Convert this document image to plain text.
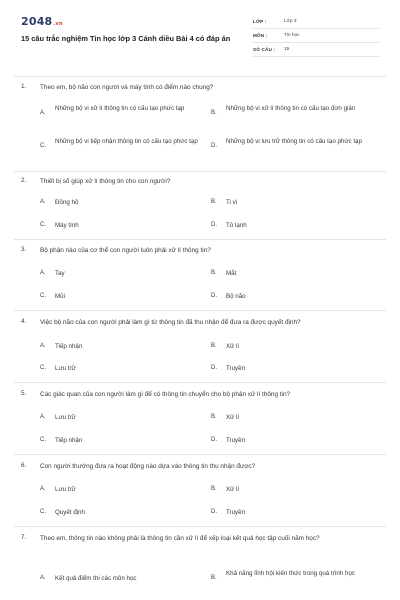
2048.vn
15 câu trắc nghiệm Tin học lớp 3 Cánh diều Bài 4 có đáp án
LỚP :	Lớp 3
MÔN :	Tin học
SỐ CÂU :	15
1. Theo em, bộ não con người và máy tính có điểm nào chung?
A.
Những bộ vi xử lí thông tin có cấu tạo phức tạp
B.
Những bộ vi xử lí thông tin có cấu tạo đơn giản
C.
Những bộ vi tiếp nhận thông tin có cấu tạo phức tạp
D.
Những bộ vi lưu trữ thông tin có cấu tạo phức tạp
2. Thiết bị số giúp xử lí thông tin cho con người?
A. Đồng hồ	B. Ti vi
C. Máy tính	D. Tủ lạnh
3. Bộ phận nào của cơ thể con người luôn phải xử lí thông tin?
A. Tay	B. Mắt
C. Mũi	D. Bộ não
4. Việc bộ não của con người phải làm gì từ thông tin đã thu nhận để đưa ra được quyết định?
A. Tiếp nhận	B. Xử lí
C. Lưu trữ	D. Truyền
5. Các giác quan của con người làm gì để có thông tin chuyển cho bộ phận xử lí thông tin?
A. Lưu trữ	B. Xử lí
C. Tiếp nhận	D. Truyền
6. Con người thường đưa ra hoạt động nào dựa vào thông tin thu nhận được?
A. Lưu trữ	B. Xử lí
C. Quyết định	D. Truyền
7. Theo em, thông tin nào không phải là thông tin cần xử lí để xếp loại kết quả học tập cuối năm học?
A. Kết quả điểm thi các môn học	B.
Khả năng lĩnh hội kiến thức trong quá trình học
